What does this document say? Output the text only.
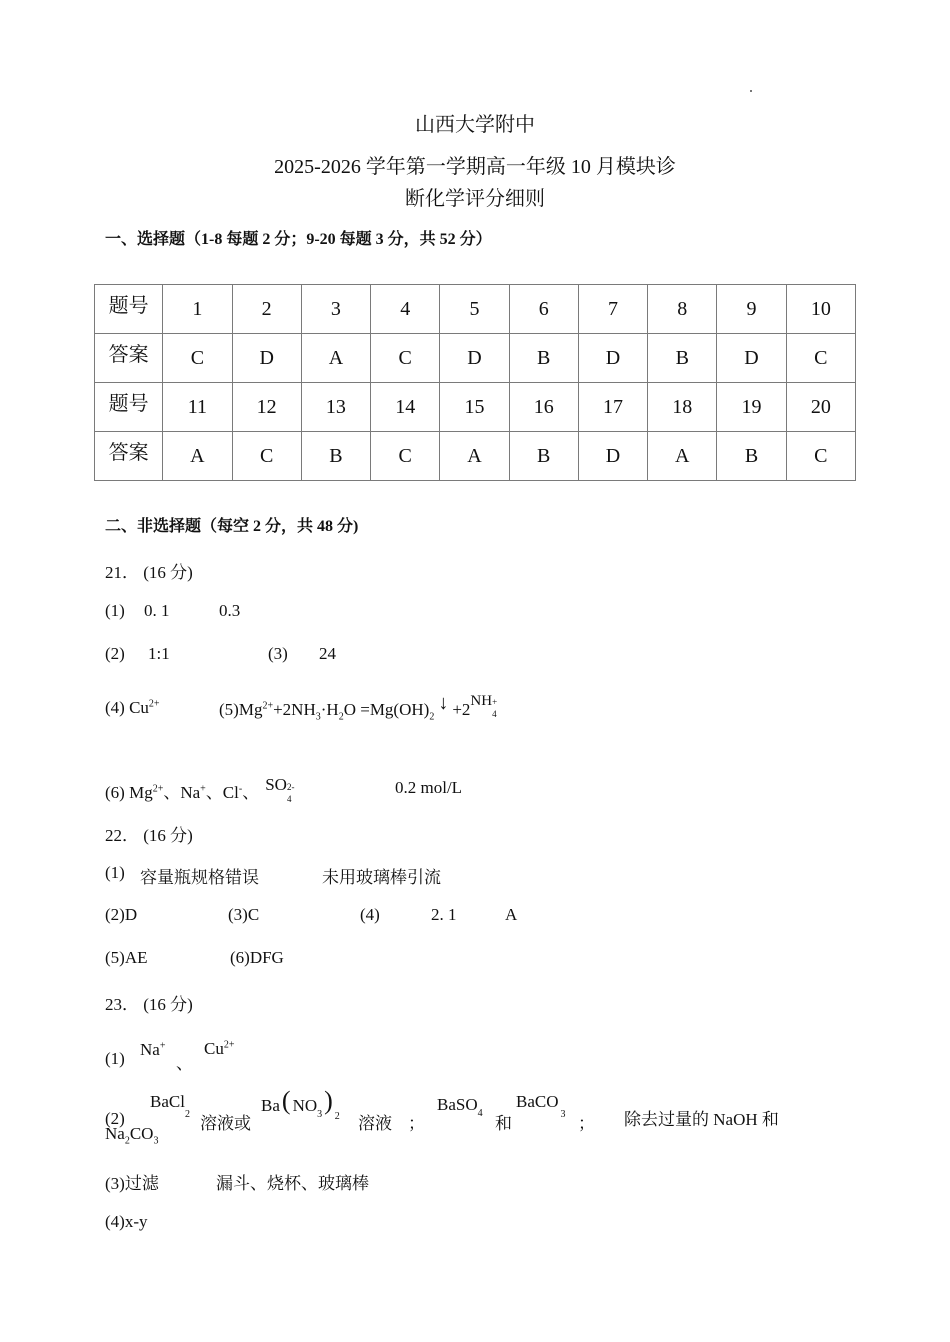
山西大学附中
2025-2026 学年第一学期高一年级 10 月模块诊
断化学评分细则
一、选择题（1-8 每题 2 分；9-20 每题 3 分，共 52 分）
题号	1	2	3	4	5	6	7	8	9	10
答案	C	D	A	C	D	B	D	B	D	C
题号	11	12	13	14	15	16	17	18	19	20
答案	A	C	B	C	A	B	D	A	B	C
二、非选择题（每空 2 分，共 48 分)
21． (16 分)
(1) 0. 1	0.3
(2) 1:1	(3) 24
(4) $Cu^{2+}$	$(5)Mg^{2+}+2NH_3\cdot H_2O$ $=Mg(OH)_2↓ +2NH$ +
4
(6) $Mg^{2+}$、Na+、Cl-、 SO 2-
4
0.2 mol/L
22． (16 分)
(1) 容量瓶规格错误	未用玻璃棒引流
(2)D	(3)C	(4)	2. 1	A
(5)AE	(6)DFG
23． (16 分)
(1) Na+
、
$Cu^{2+}$
(2)
BaCl$_2$ 溶液或
Ba( $NO_3)_2$ 溶液 ；
BaSO$_4$
和
BaCO$_3$ ； 除去过量的 NaOH 和
$Na_2CO_3$
(3)过滤	漏斗、烧杯、玻璃棒
(4)x-y
